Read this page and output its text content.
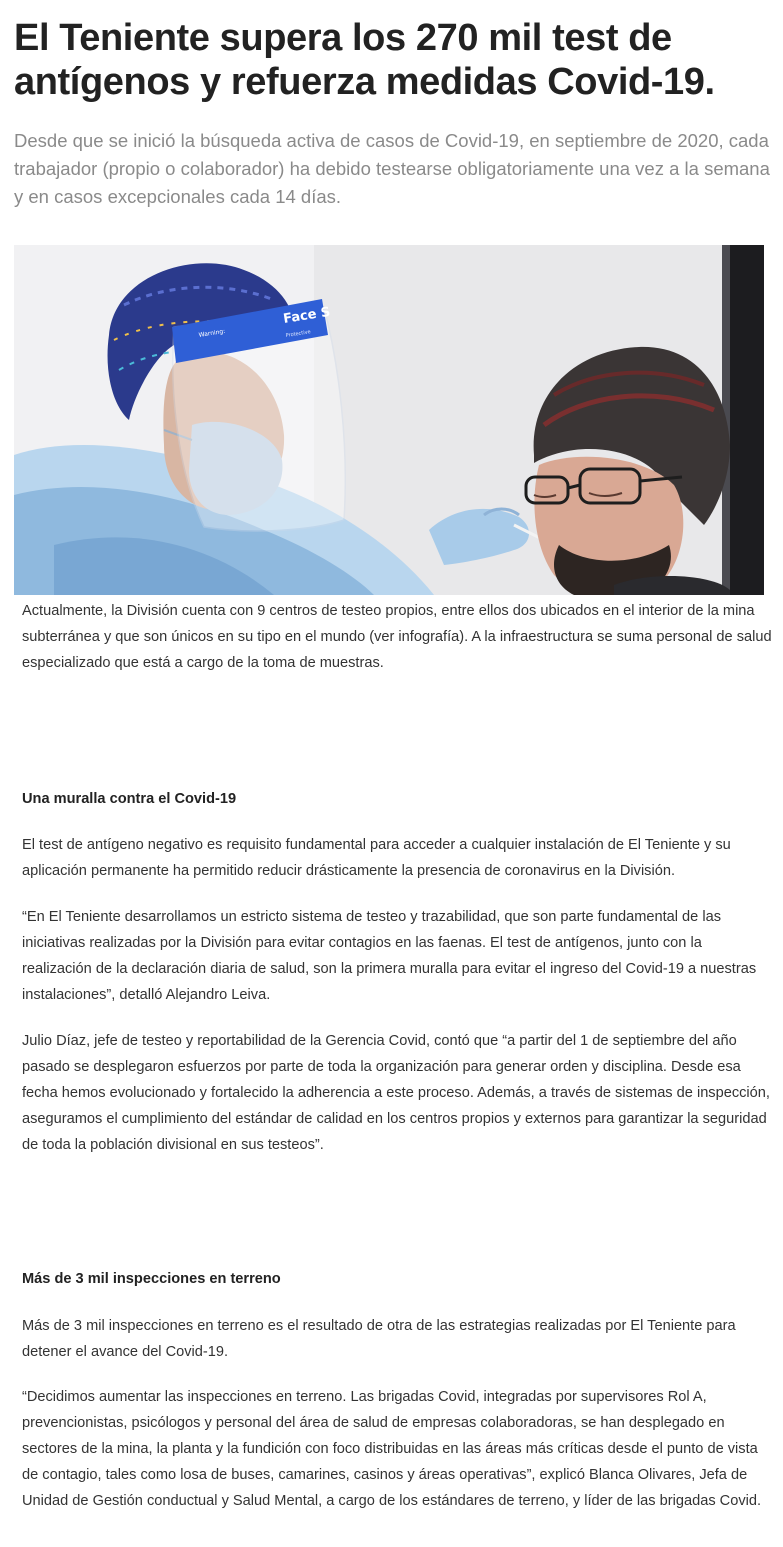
El Teniente supera los 270 mil test de antígenos y refuerza medidas Covid-19.

Desde que se inició la búsqueda activa de casos de Covid-19, en septiembre de 2020, cada trabajador (propio o colaborador) ha debido testearse obligatoriamente una vez a la semana y en casos excepcionales cada 14 días.

Face S
Warning:	Protective

Actualmente, la División cuenta con 9 centros de testeo propios, entre ellos dos ubicados en el interior de la mina subterránea y que son únicos en su tipo en el mundo (ver infografía). A la infraestructura se suma personal de salud especializado que está a cargo de la toma de muestras.

Una muralla contra el Covid-19

El test de antígeno negativo es requisito fundamental para acceder a cualquier instalación de El Teniente y su aplicación permanente ha permitido reducir drásticamente la presencia de coronavirus en la División.

“En El Teniente desarrollamos un estricto sistema de testeo y trazabilidad, que son parte fundamental de las iniciativas realizadas por la División para evitar contagios en las faenas. El test de antígenos, junto con la realización de la declaración diaria de salud, son la primera muralla para evitar el ingreso del Covid-19 a nuestras instalaciones”, detalló Alejandro Leiva.

Julio Díaz, jefe de testeo y reportabilidad de la Gerencia Covid, contó que “a partir del 1 de septiembre del año pasado se desplegaron esfuerzos por parte de toda la organización para generar orden y disciplina. Desde esa fecha hemos evolucionado y fortalecido la adherencia a este proceso. Además, a través de sistemas de inspección, aseguramos el cumplimiento del estándar de calidad en los centros propios y externos para garantizar la seguridad de toda la población divisional en sus testeos”.

Más de 3 mil inspecciones en terreno

Más de 3 mil inspecciones en terreno es el resultado de otra de las estrategias realizadas por El Teniente para detener el avance del Covid-19.

“Decidimos aumentar las inspecciones en terreno. Las brigadas Covid, integradas por supervisores Rol A, prevencionistas, psicólogos y personal del área de salud de empresas colaboradoras, se han desplegado en sectores de la mina, la planta y la fundición con foco distribuidas en las áreas más críticas desde el punto de vista de contagio, tales como losa de buses, camarines, casinos y áreas operativas”, explicó Blanca Olivares, Jefa de Unidad de Gestión conductual y Salud Mental, a cargo de los estándares de terreno, y líder de las brigadas Covid.
